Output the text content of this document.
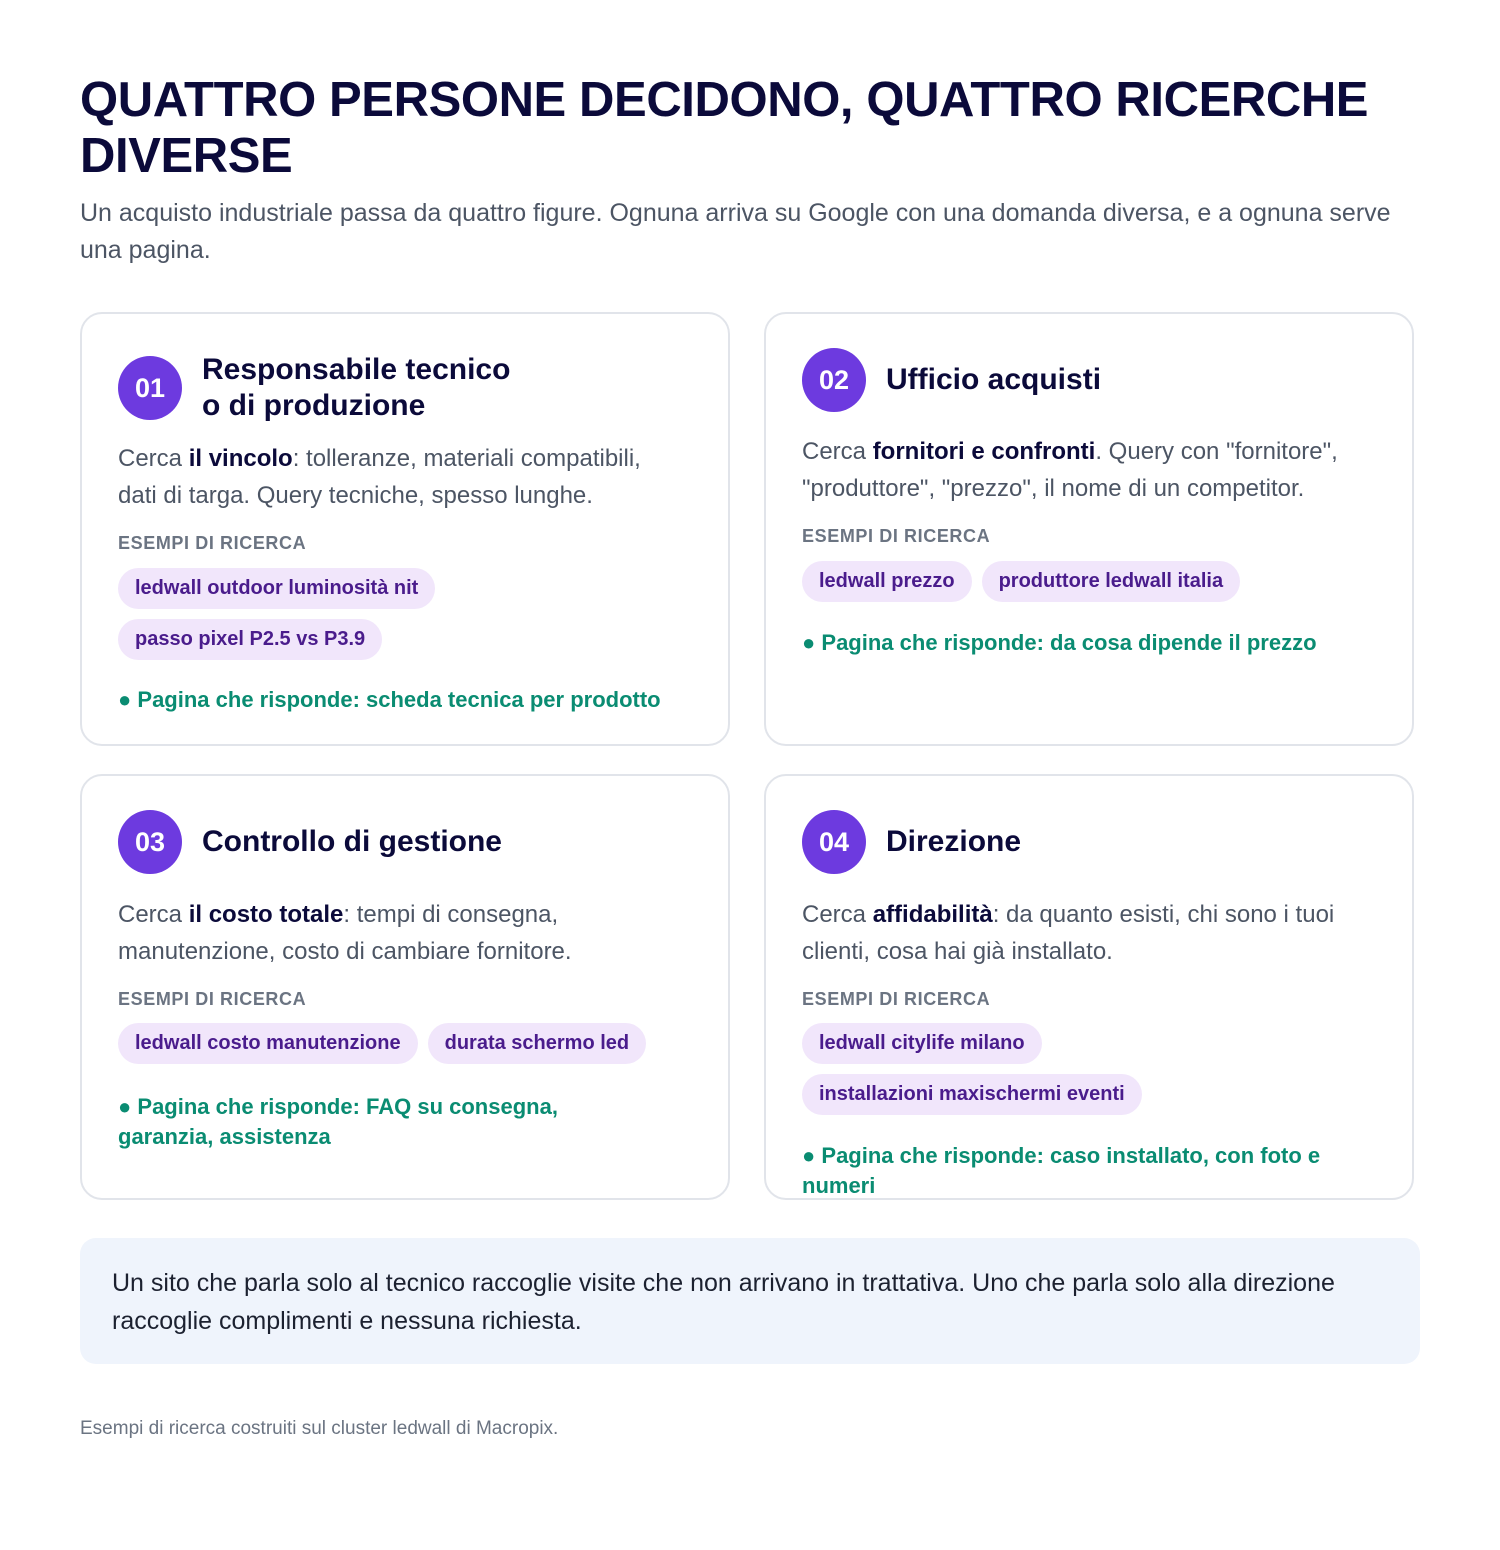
QUATTRO PERSONE DECIDONO, QUATTRO RICERCHE DIVERSE

Un acquisto industriale passa da quattro figure. Ognuna arriva su Google con una domanda diversa, e a ognuna serve una pagina.

01
Responsabile tecnico
o di produzione

Cerca il vincolo: tolleranze, materiali compatibili, dati di targa. Query tecniche, spesso lunghe.

ESEMPI DI RICERCA
ledwall outdoor luminosità nit
passo pixel P2.5 vs P3.9

● Pagina che risponde: scheda tecnica per prodotto

02	Ufficio acquisti

Cerca fornitori e confronti. Query con "fornitore", "produttore", "prezzo", il nome di un competitor.

ESEMPI DI RICERCA
ledwall prezzo	produttore ledwall italia

● Pagina che risponde: da cosa dipende il prezzo

03	Controllo di gestione

Cerca il costo totale: tempi di consegna, manutenzione, costo di cambiare fornitore.

ESEMPI DI RICERCA
ledwall costo manutenzione	durata schermo led

● Pagina che risponde: FAQ su consegna, garanzia, assistenza

04	Direzione

Cerca affidabilità: da quanto esisti, chi sono i tuoi clienti, cosa hai già installato.

ESEMPI DI RICERCA
ledwall citylife milano
installazioni maxischermi eventi

● Pagina che risponde: caso installato, con foto e numeri

Un sito che parla solo al tecnico raccoglie visite che non arrivano in trattativa. Uno che parla solo alla direzione raccoglie complimenti e nessuna richiesta.

Esempi di ricerca costruiti sul cluster ledwall di Macropix.
